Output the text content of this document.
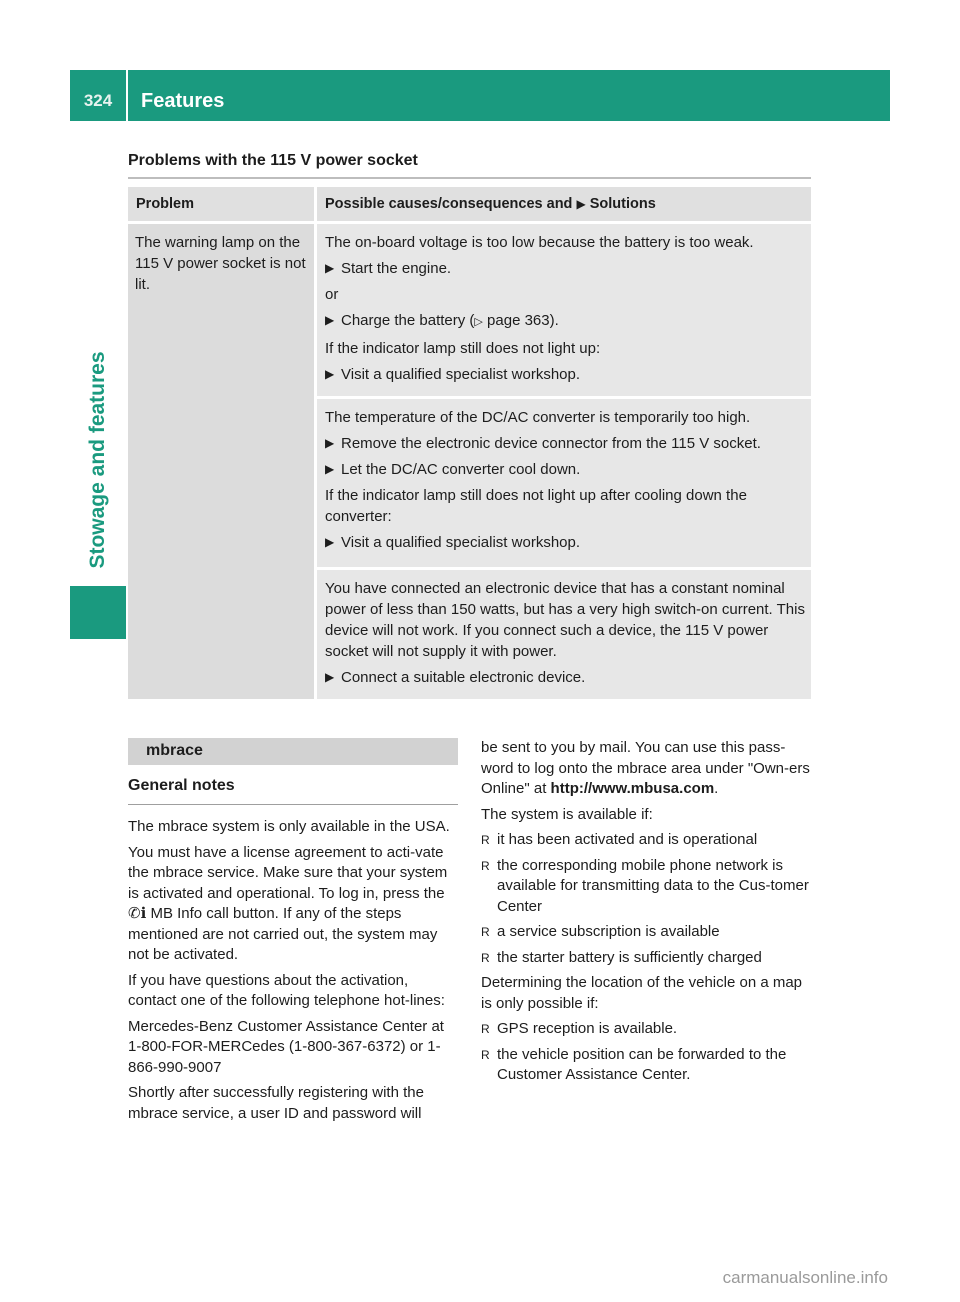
324	Features
Stowage and features
Problems with the 115 V power socket
Problem	Possible causes/consequences and ▶ Solutions
The warning lamp on the 115 V power socket is not lit.

The on-board voltage is too low because the battery is too weak.

▶ Start the engine.

or

▶ Charge the battery (▷ page 363).

If the indicator lamp still does not light up:

▶ Visit a qualified specialist workshop.

The temperature of the DC/AC converter is temporarily too high.

▶ Remove the electronic device connector from the 115 V socket.

▶ Let the DC/AC converter cool down.

If the indicator lamp still does not light up after cooling down the converter:

▶ Visit a qualified specialist workshop.

You have connected an electronic device that has a constant nominal power of less than 150 watts, but has a very high switch-on current. This device will not work. If you connect such a device, the 115 V power socket will not supply it with power.

▶ Connect a suitable electronic device.

mbrace
General notes

The mbrace system is only available in the USA.

You must have a license agreement to acti-vate the mbrace service. Make sure that your system is activated and operational. To log in, press the ✆ℹ MB Info call button. If any of the steps mentioned are not carried out, the system may not be activated.

If you have questions about the activation, contact one of the following telephone hot-lines:

Mercedes-Benz Customer Assistance Center at 1-800-FOR-MERCedes (1-800-367-6372) or 1-866-990-9007

Shortly after successfully registering with the mbrace service, a user ID and password will

be sent to you by mail. You can use this pass-word to log onto the mbrace area under "Own-ers Online" at http://www.mbusa.com.

The system is available if:

R it has been activated and is operational

R the corresponding mobile phone network is available for transmitting data to the Cus-tomer Center

R a service subscription is available

R the starter battery is sufficiently charged

Determining the location of the vehicle on a map is only possible if:

R GPS reception is available.

R the vehicle position can be forwarded to the Customer Assistance Center.

carmanualsonline.info
